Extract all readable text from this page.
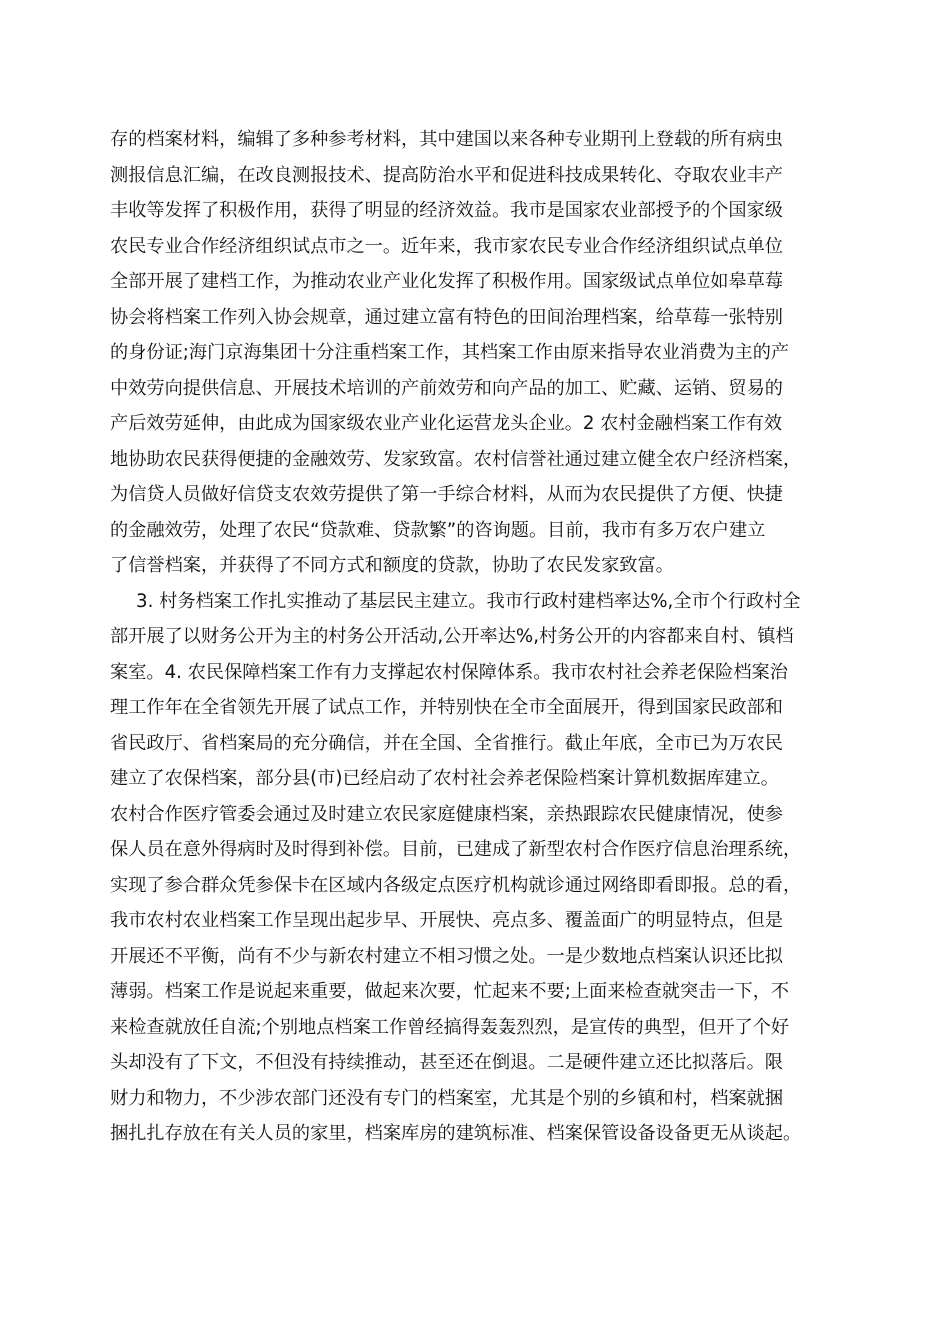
存的档案材料，编辑了多种参考材料，其中建国以来各种专业期刊上登载的所有病虫
测报信息汇编，在改良测报技术、提高防治水平和促进科技成果转化、夺取农业丰产
丰收等发挥了积极作用，获得了明显的经济效益。我市是国家农业部授予的个国家级
农民专业合作经济组织试点市之一。近年来，我市家农民专业合作经济组织试点单位
全部开展了建档工作，为推动农业产业化发挥了积极作用。国家级试点单位如皋草莓
协会将档案工作列入协会规章，通过建立富有特色的田间治理档案，给草莓一张特别
的身份证;海门京海集团十分注重档案工作，其档案工作由原来指导农业消费为主的产
中效劳向提供信息、开展技术培训的产前效劳和向产品的加工、贮藏、运销、贸易的
产后效劳延伸，由此成为国家级农业产业化运营龙头企业。2 农村金融档案工作有效
地协助农民获得便捷的金融效劳、发家致富。农村信誉社通过建立健全农户经济档案，
为信贷人员做好信贷支农效劳提供了第一手综合材料，从而为农民提供了方便、快捷
的金融效劳，处理了农民“贷款难、贷款繁”的咨询题。目前，我市有多万农户建立
了信誉档案，并获得了不同方式和额度的贷款，协助了农民发家致富。
3. 村务档案工作扎实推动了基层民主建立。我市行政村建档率达%,全市个行政村全
部开展了以财务公开为主的村务公开活动,公开率达%,村务公开的内容都来自村、镇档
案室。4. 农民保障档案工作有力支撑起农村保障体系。我市农村社会养老保险档案治
理工作年在全省领先开展了试点工作，并特别快在全市全面展开，得到国家民政部和
省民政厅、省档案局的充分确信，并在全国、全省推行。截止年底，全市已为万农民
建立了农保档案，部分县(市)已经启动了农村社会养老保险档案计算机数据库建立。
农村合作医疗管委会通过及时建立农民家庭健康档案，亲热跟踪农民健康情况，使参
保人员在意外得病时及时得到补偿。目前，已建成了新型农村合作医疗信息治理系统，
实现了参合群众凭参保卡在区域内各级定点医疗机构就诊通过网络即看即报。总的看，
我市农村农业档案工作呈现出起步早、开展快、亮点多、覆盖面广的明显特点，但是
开展还不平衡，尚有不少与新农村建立不相习惯之处。一是少数地点档案认识还比拟
薄弱。档案工作是说起来重要，做起来次要，忙起来不要;上面来检查就突击一下，不
来检查就放任自流;个别地点档案工作曾经搞得轰轰烈烈，是宣传的典型，但开了个好
头却没有了下文，不但没有持续推动，甚至还在倒退。二是硬件建立还比拟落后。限
财力和物力，不少涉农部门还没有专门的档案室，尤其是个别的乡镇和村，档案就捆
捆扎扎存放在有关人员的家里，档案库房的建筑标准、档案保管设备设备更无从谈起。
